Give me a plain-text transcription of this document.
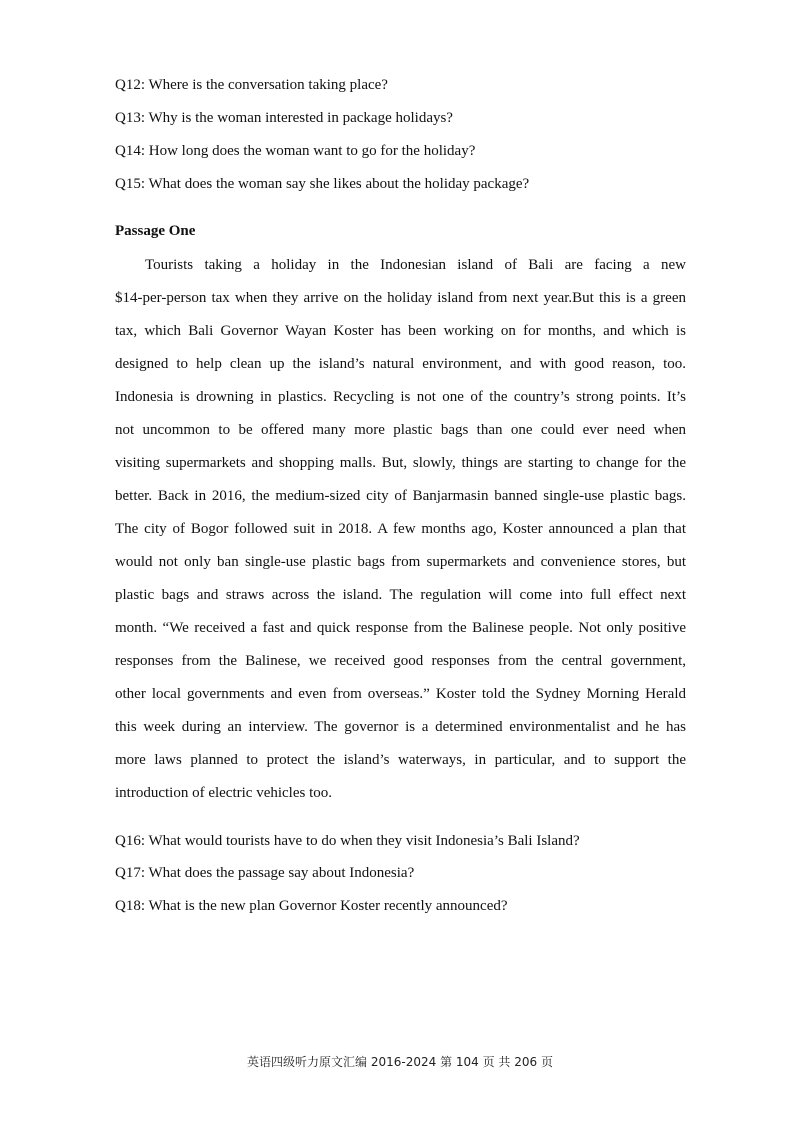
Q12: Where is the conversation taking place?
Q13: Why is the woman interested in package holidays?
Q14: How long does the woman want to go for the holiday?
Q15: What does the woman say she likes about the holiday package?
Passage One
Tourists taking a holiday in the Indonesian island of Bali are facing a new
$14-per-person tax when they arrive on the holiday island from next year.But this is a green
tax, which Bali Governor Wayan Koster has been working on for months, and which is
designed to help clean up the island’s natural environment, and with good reason, too.
Indonesia is drowning in plastics. Recycling is not one of the country’s strong points. It’s
not uncommon to be offered many more plastic bags than one could ever need when
visiting supermarkets and shopping malls. But, slowly, things are starting to change for the
better. Back in 2016, the medium-sized city of Banjarmasin banned single-use plastic bags.
The city of Bogor followed suit in 2018. A few months ago, Koster announced a plan that
would not only ban single-use plastic bags from supermarkets and convenience stores, but
plastic bags and straws across the island. The regulation will come into full effect next
month. “We received a fast and quick response from the Balinese people. Not only positive
responses from the Balinese, we received good responses from the central government,
other local governments and even from overseas.” Koster told the Sydney Morning Herald
this week during an interview. The governor is a determined environmentalist and he has
more laws planned to protect the island’s waterways, in particular, and to support the
introduction of electric vehicles too.
Q16: What would tourists have to do when they visit Indonesia’s Bali Island?
Q17: What does the passage say about Indonesia?
Q18: What is the new plan Governor Koster recently announced?
英语四级听力原文汇编 2016-2024 第 104 页 共 206 页
